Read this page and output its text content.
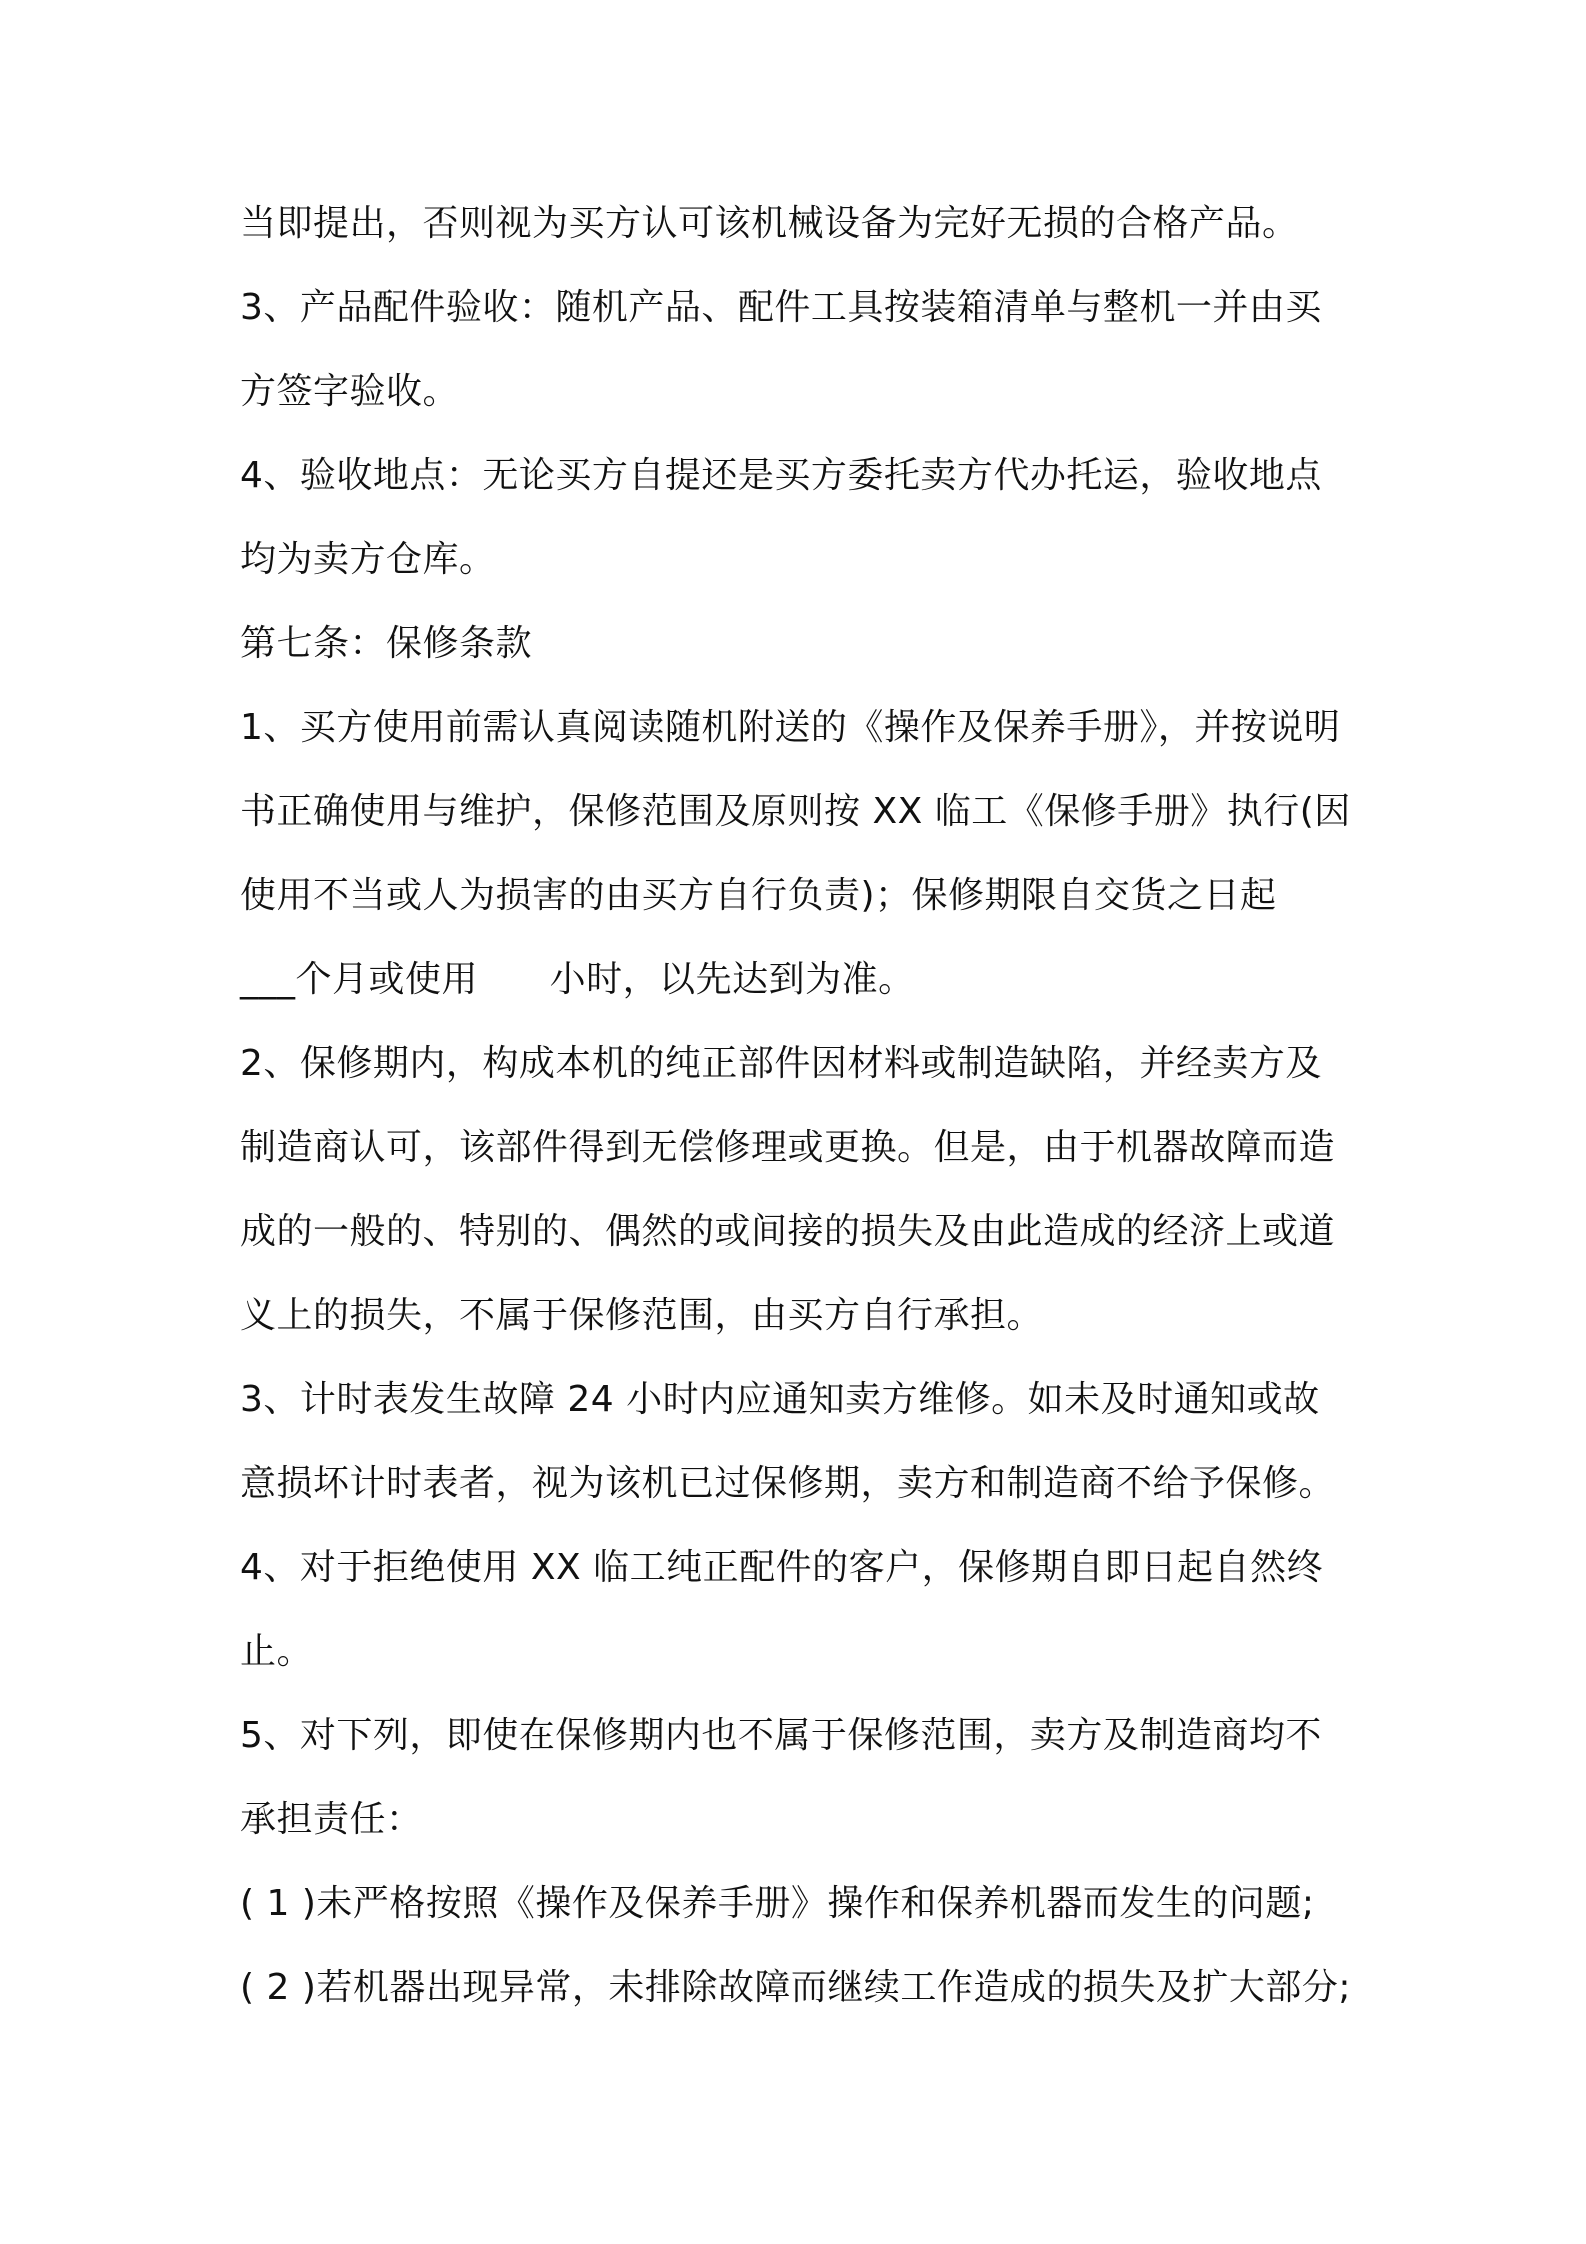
当即提出，否则视为买方认可该机械设备为完好无损的合格产品。
3、产品配件验收：随机产品、配件工具按装箱清单与整机一并由买
方签字验收。
4、验收地点：无论买方自提还是买方委托卖方代办托运，验收地点
均为卖方仓库。
第七条：保修条款
1、买方使用前需认真阅读随机附送的《操作及保养手册》，并按说明
书正确使用与维护，保修范围及原则按 XX 临工《保修手册》执行(因
使用不当或人为损害的由买方自行负责)；保修期限自交货之日起
___个月或使用      小时，以先达到为准。
2、保修期内，构成本机的纯正部件因材料或制造缺陷，并经卖方及
制造商认可，该部件得到无偿修理或更换。但是，由于机器故障而造
成的一般的、特别的、偶然的或间接的损失及由此造成的经济上或道
义上的损失，不属于保修范围，由买方自行承担。
3、计时表发生故障 24 小时内应通知卖方维修。如未及时通知或故
意损坏计时表者，视为该机已过保修期，卖方和制造商不给予保修。
4、对于拒绝使用 XX 临工纯正配件的客户，保修期自即日起自然终
止。
5、对下列，即使在保修期内也不属于保修范围，卖方及制造商均不
承担责任：
( 1 )未严格按照《操作及保养手册》操作和保养机器而发生的问题;
( 2 )若机器出现异常，未排除故障而继续工作造成的损失及扩大部分;
